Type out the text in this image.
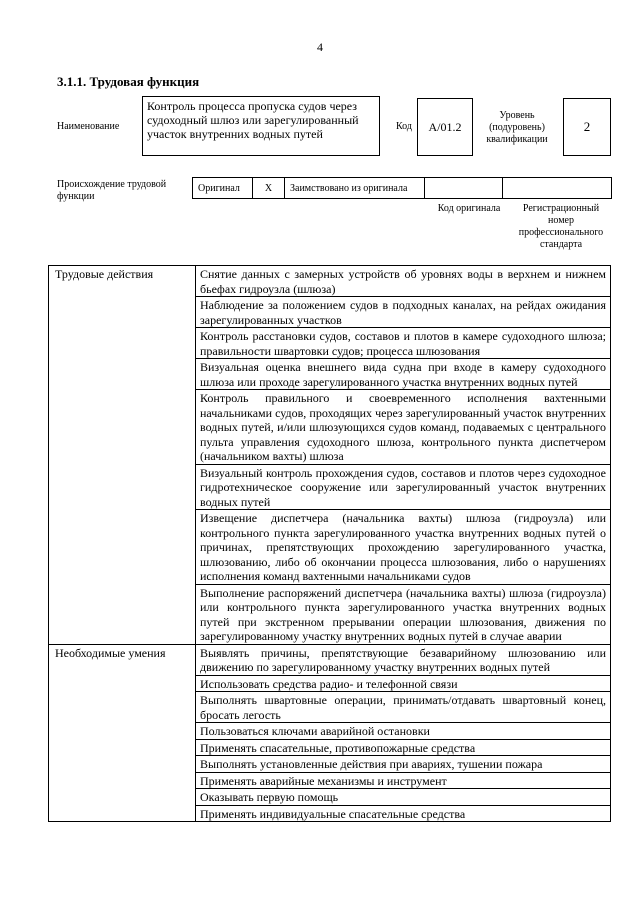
4
3.1.1. Трудовая функция
Наименование
Контроль процесса пропуска судов через судоходный шлюз или зарегулированный участок внутренних водных путей
Код	A/01.2
Уровень (подуровень) квалификации
2
Происхождение трудовой функции
Оригинал	X	Заимствовано из оригинала
Код оригинала	Регистрационный номер профессионального стандарта
Трудовые действия	Снятие данных с замерных устройств об уровнях воды в верхнем и нижнем бьефах гидроузла (шлюза)
	Наблюдение за положением судов в подходных каналах, на рейдах ожидания зарегулированных участков
	Контроль расстановки судов, составов и плотов в камере судоходного шлюза; правильности швартовки судов; процесса шлюзования
	Визуальная оценка внешнего вида судна при входе в камеру судоходного шлюза или проходе зарегулированного участка внутренних водных путей
	Контроль правильного и своевременного исполнения вахтенными начальниками судов, проходящих через зарегулированный участок внутренних водных путей, и/или шлюзующихся судов команд, подаваемых с центрального пульта управления судоходного шлюза, контрольного пункта диспетчером (начальником вахты) шлюза
	Визуальный контроль прохождения судов, составов и плотов через судоходное гидротехническое сооружение или зарегулированный участок внутренних водных путей
	Извещение диспетчера (начальника вахты) шлюза (гидроузла) или контрольного пункта зарегулированного участка внутренних водных путей о причинах, препятствующих прохождению зарегулированного участка, шлюзованию, либо об окончании процесса шлюзования, либо о нарушениях исполнения команд вахтенными начальниками судов
	Выполнение распоряжений диспетчера (начальника вахты) шлюза (гидроузла) или контрольного пункта зарегулированного участка внутренних водных путей при экстренном прерывании операции шлюзования, движения по зарегулированному участку внутренних водных путей в случае аварии
Необходимые умения	Выявлять причины, препятствующие безаварийному шлюзованию или движению по зарегулированному участку внутренних водных путей
	Использовать средства радио- и телефонной связи
	Выполнять швартовные операции, принимать/отдавать швартовный конец, бросать легость
	Пользоваться ключами аварийной остановки
	Применять спасательные, противопожарные средства
	Выполнять установленные действия при авариях, тушении пожара
	Применять аварийные механизмы и инструмент
	Оказывать первую помощь
	Применять индивидуальные спасательные средства
